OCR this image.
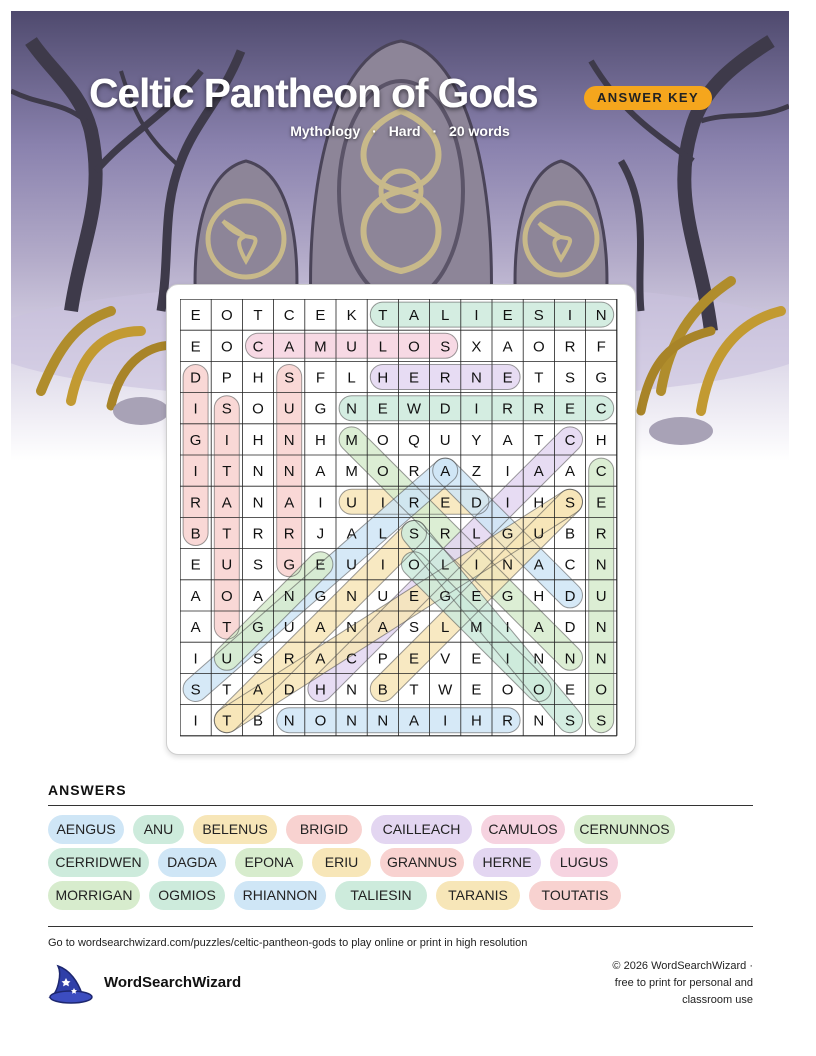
Celtic Pantheon of Gods	ANSWER KEY
Mythology · Hard · 20 words
E O T C E K T A L I E S I N
E O C A M U L O S X A O R F
D P H S F L H E R N E T S G
I S O U G N E W D I R R E C
G I H N H M O Q U Y A T C H
I T N N A M O R A Z I A A C
R A N A I U I R E D I H S E
B T R R J A L S R L G U B R
E U S G E U I O L I N A C N
A O A N G N U E G E G H D U
A T G U A N A S L M I A D N
I U S R A C P E V E I N N N
S T A D H N B T W E O O E O
I T B N O N N A I H R N S S
ANSWERS
AENGUS	ANU	BELENUS	BRIGID	CAILLEACH	CAMULOS	CERNUNNOS
CERRIDWEN	DAGDA	EPONA	ERIU	GRANNUS	HERNE	LUGUS
MORRIGAN	OGMIOS	RHIANNON	TALIESIN	TARANIS	TOUTATIS
Go to wordsearchwizard.com/puzzles/celtic-pantheon-gods to play online or print in high resolution
WordSearchWizard
© 2026 WordSearchWizard ·
free to print for personal and
classroom use
